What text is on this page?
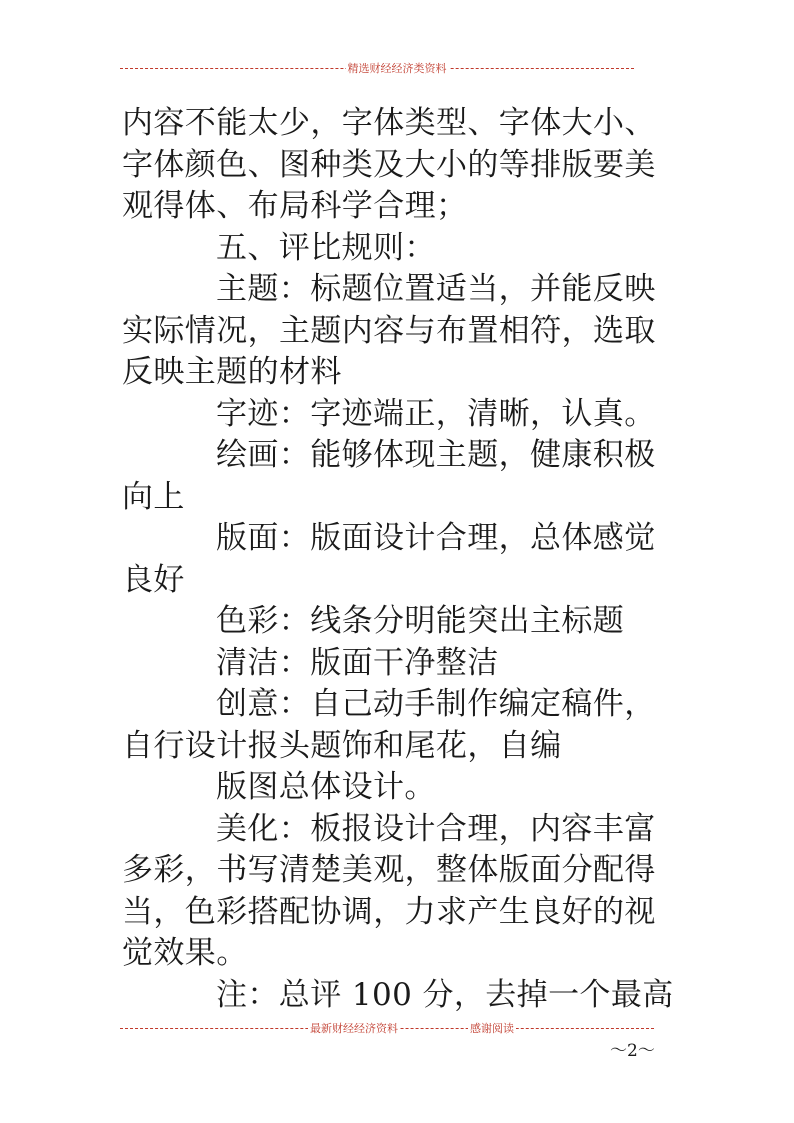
精选财经经济类资料
内容不能太少，字体类型、字体大小、
字体颜色、图种类及大小的等排版要美
观得体、布局科学合理；
五、评比规则：
主题：标题位置适当，并能反映
实际情况，主题内容与布置相符，选取
反映主题的材料
字迹：字迹端正，清晰，认真。
绘画：能够体现主题，健康积极
向上
版面：版面设计合理，总体感觉
良好
色彩：线条分明能突出主标题
清洁：版面干净整洁
创意：自己动手制作编定稿件，
自行设计报头题饰和尾花，自编
版图总体设计。
美化：板报设计合理，内容丰富
多彩，书写清楚美观，整体版面分配得
当，色彩搭配协调，力求产生良好的视
觉效果。
注：总评 100 分，去掉一个最高
最新财经经济资料	感谢阅读
～2～
